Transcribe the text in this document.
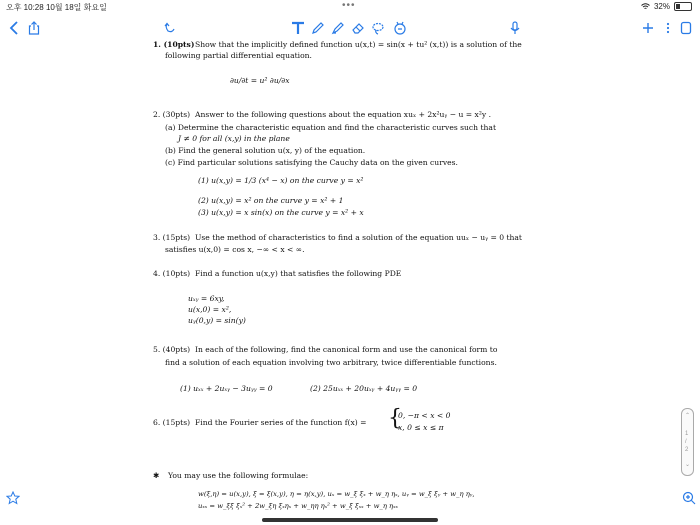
오후 10:28 10월 18일 화요일	•••	32%
⌃
1
/
2
⌄
1. (10pts) Show that the implicitly defined function u(x,t) = sin(x + tu² (x,t)) is a solution of the
following partial differential equation.
∂u/∂t = u² ∂u/∂x
2. (30pts) Answer to the following questions about the equation xuₓ + 2x²uᵧ − u = x²y .
(a) Determine the characteristic equation and find the characteristic curves such that
J ≠ 0 for all (x,y) in the plane
(b) Find the general solution u(x, y) of the equation.
(c) Find particular solutions satisfying the Cauchy data on the given curves.
(1) u(x,y) = 1/3 (x⁴ − x) on the curve y = x²
(2) u(x,y) = x² on the curve y = x² + 1
(3) u(x,y) = x sin(x) on the curve y = x² + x
3. (15pts) Use the method of characteristics to find a solution of the equation uuₓ − uᵧ = 0 that
satisfies u(x,0) = cos x, −∞ < x < ∞.
4. (10pts) Find a function u(x,y) that satisfies the following PDE
uₓᵧ = 6xy,
u(x,0) = x²,
uᵧ(0,y) = sin(y)
5. (40pts) In each of the following, find the canonical form and use the canonical form to
find a solution of each equation involving two arbitrary, twice differentiable functions.
(1) uₓₓ + 2uₓᵧ − 3uᵧᵧ = 0	(2) 25uₓₓ + 20uₓᵧ + 4uᵧᵧ = 0
6. (15pts) Find the Fourier series of the function f(x) = {
0, −π < x < 0
x, 0 ≤ x ≤ π
✱ You may use the following formulae:
w(ξ,η) = u(x,y), ξ = ξ(x,y), η = η(x,y), uₓ = w_ξ ξₓ + w_η ηₓ, uᵧ = w_ξ ξᵧ + w_η ηᵧ,
uₓₓ = w_ξξ ξₓ² + 2w_ξη ξₓηₓ + w_ηη ηₓ² + w_ξ ξₓₓ + w_η ηₓₓ
